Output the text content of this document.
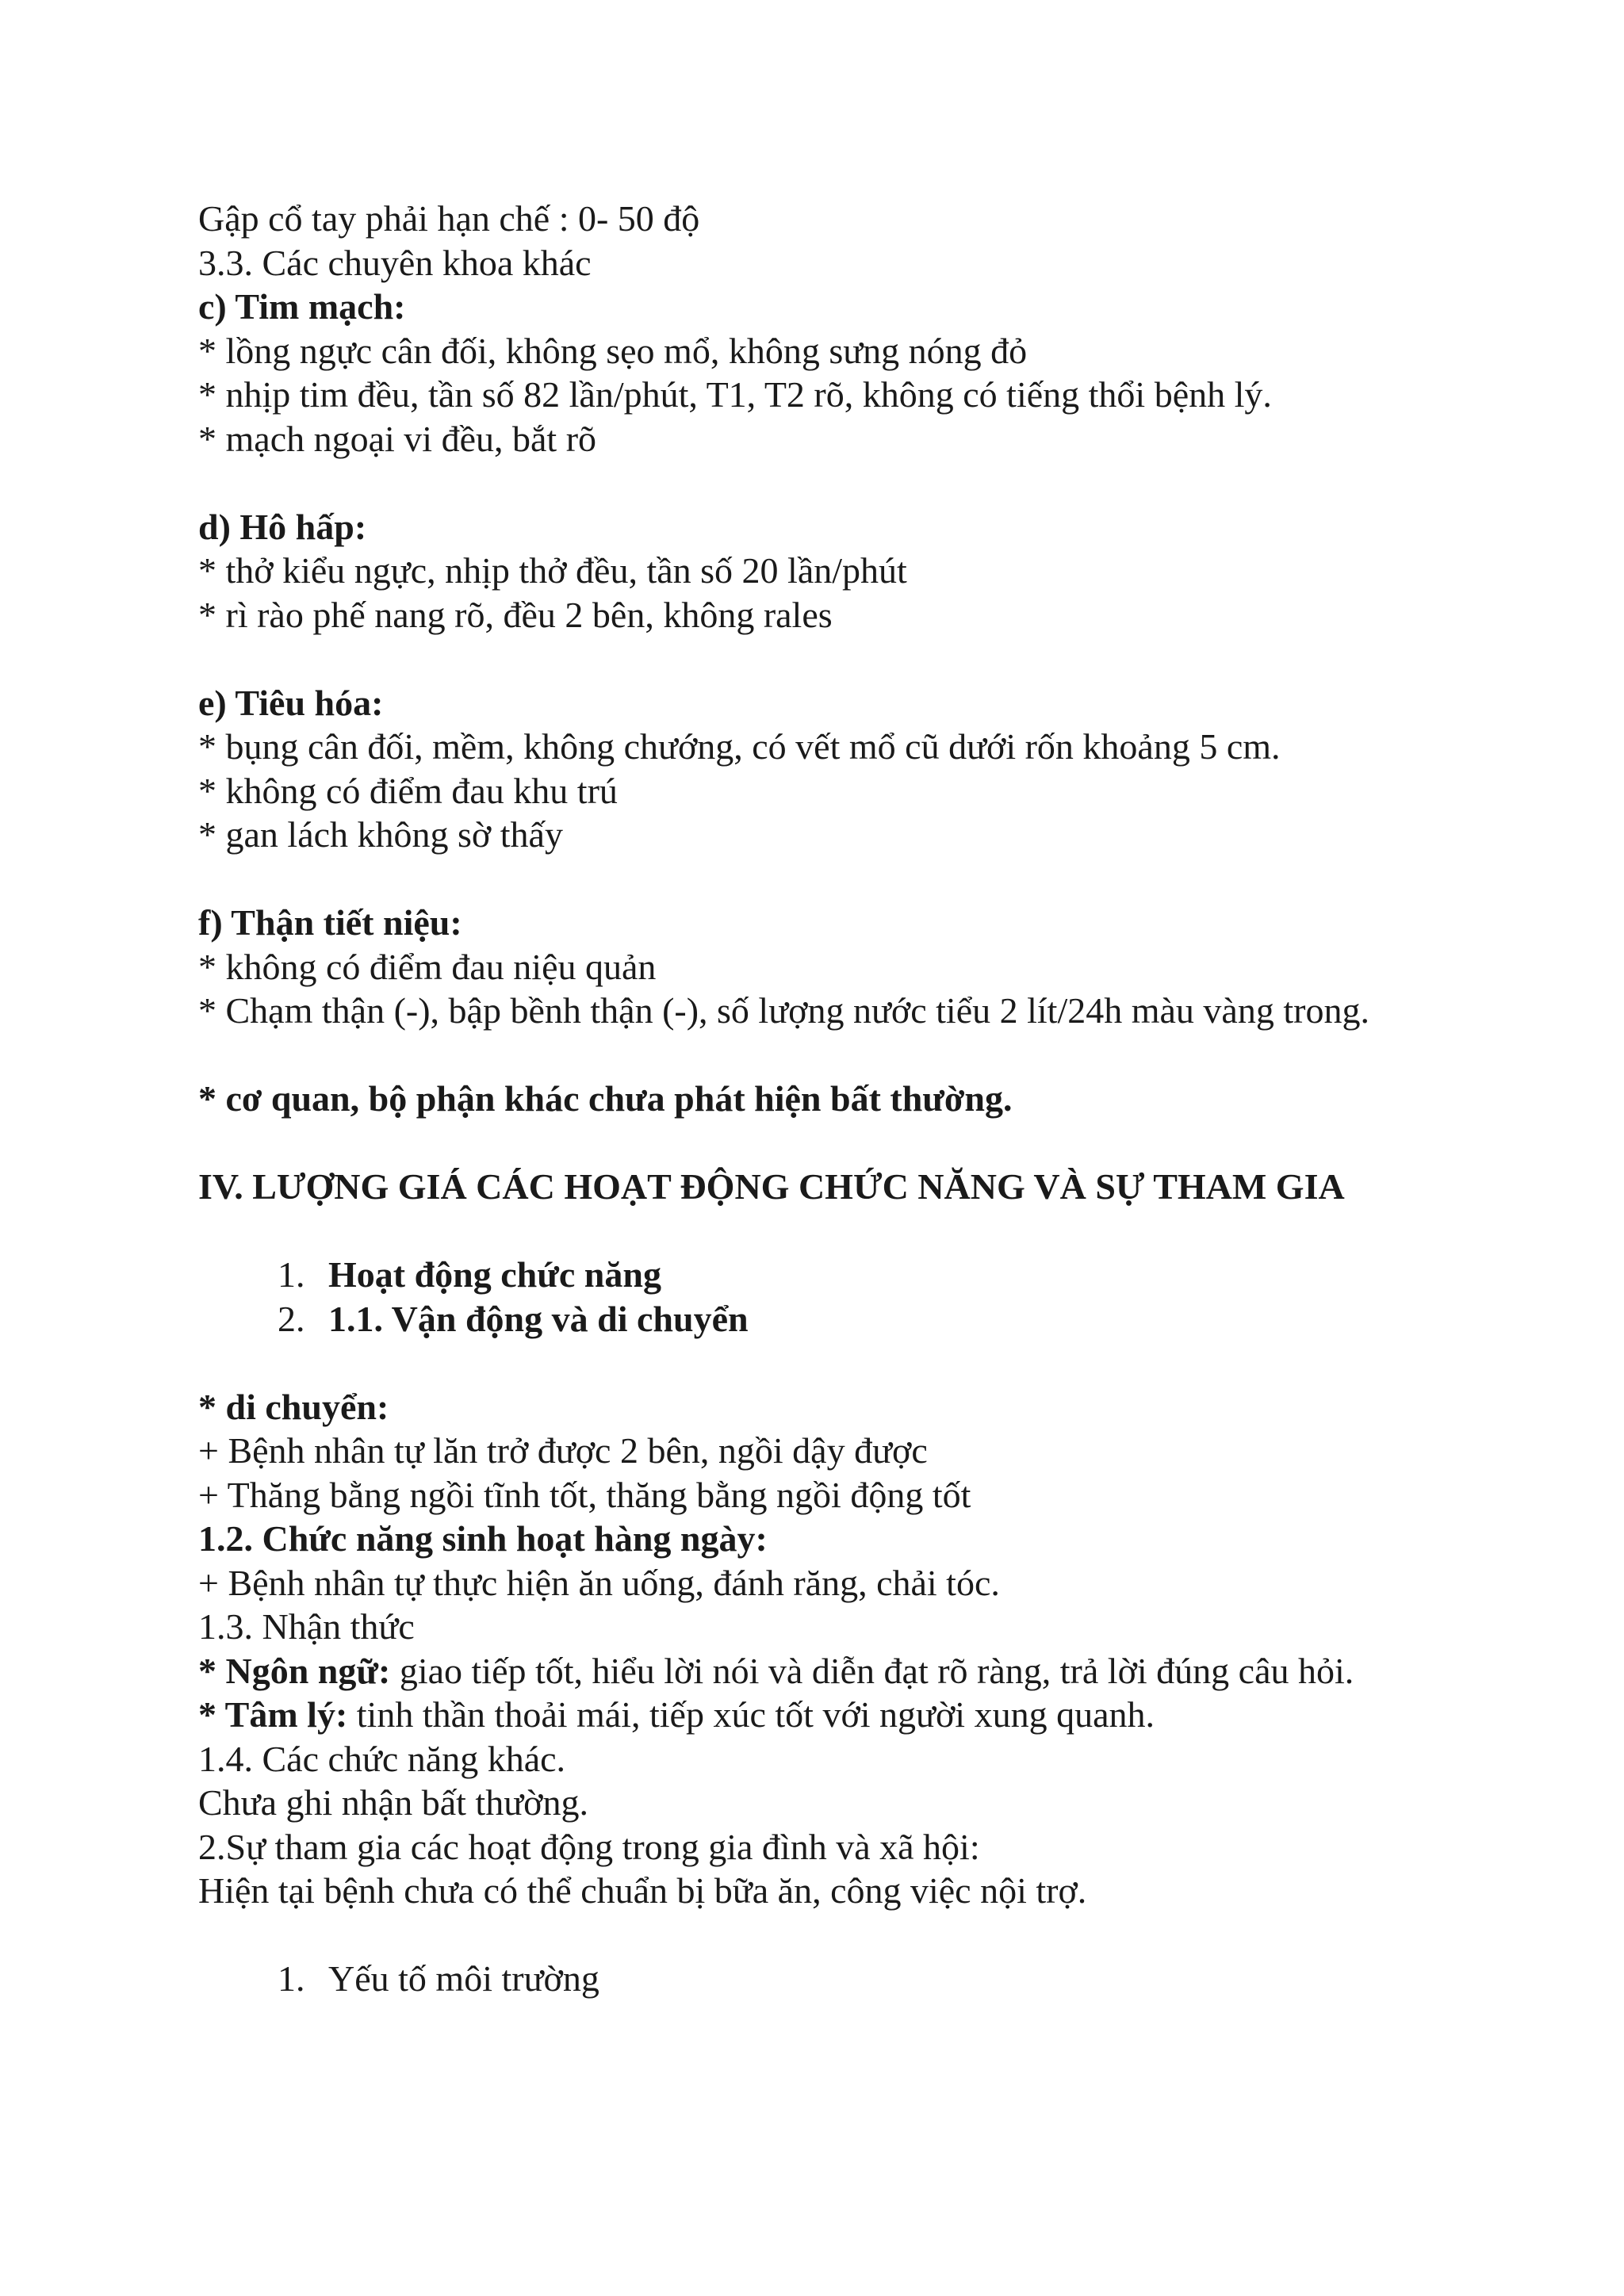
Gập cổ tay phải hạn chế : 0- 50 độ
3.3. Các chuyên khoa khác
c) Tim mạch:
* lồng ngực cân đối, không sẹo mổ, không sưng nóng đỏ
* nhịp tim đều, tần số 82 lần/phút, T1, T2 rõ, không có tiếng thổi bệnh lý.
* mạch ngoại vi đều, bắt rõ
d) Hô hấp:
* thở kiểu ngực, nhịp thở đều, tần số 20 lần/phút
* rì rào phế nang rõ, đều 2 bên, không rales
e) Tiêu hóa:
* bụng cân đối, mềm, không chướng, có vết mổ cũ dưới rốn khoảng 5 cm.
* không có điểm đau khu trú
* gan lách không sờ thấy
f) Thận tiết niệu:
* không có điểm đau niệu quản
* Chạm thận (-), bập bềnh thận (-), số lượng nước tiểu 2 lít/24h màu vàng trong.
* cơ quan, bộ phận khác chưa phát hiện bất thường.
IV. LƯỢNG GIÁ CÁC HOẠT ĐỘNG CHỨC NĂNG VÀ SỰ THAM GIA
1. Hoạt động chức năng
2. 1.1. Vận động và di chuyển
* di chuyển:
+ Bệnh nhân tự lăn trở được 2 bên, ngồi dậy được
+ Thăng bằng ngồi tĩnh tốt, thăng bằng ngồi động tốt
1.2. Chức năng sinh hoạt hàng ngày:
+ Bệnh nhân tự thực hiện ăn uống, đánh răng, chải tóc.
1.3. Nhận thức
* Ngôn ngữ: giao tiếp tốt, hiểu lời nói và diễn đạt rõ ràng, trả lời đúng câu hỏi.
* Tâm lý: tinh thần thoải mái, tiếp xúc tốt với người xung quanh.
1.4. Các chức năng khác.
Chưa ghi nhận bất thường.
2.Sự tham gia các hoạt động trong gia đình và xã hội:
Hiện tại bệnh chưa có thể chuẩn bị bữa ăn, công việc nội trợ.
1. Yếu tố môi trường
